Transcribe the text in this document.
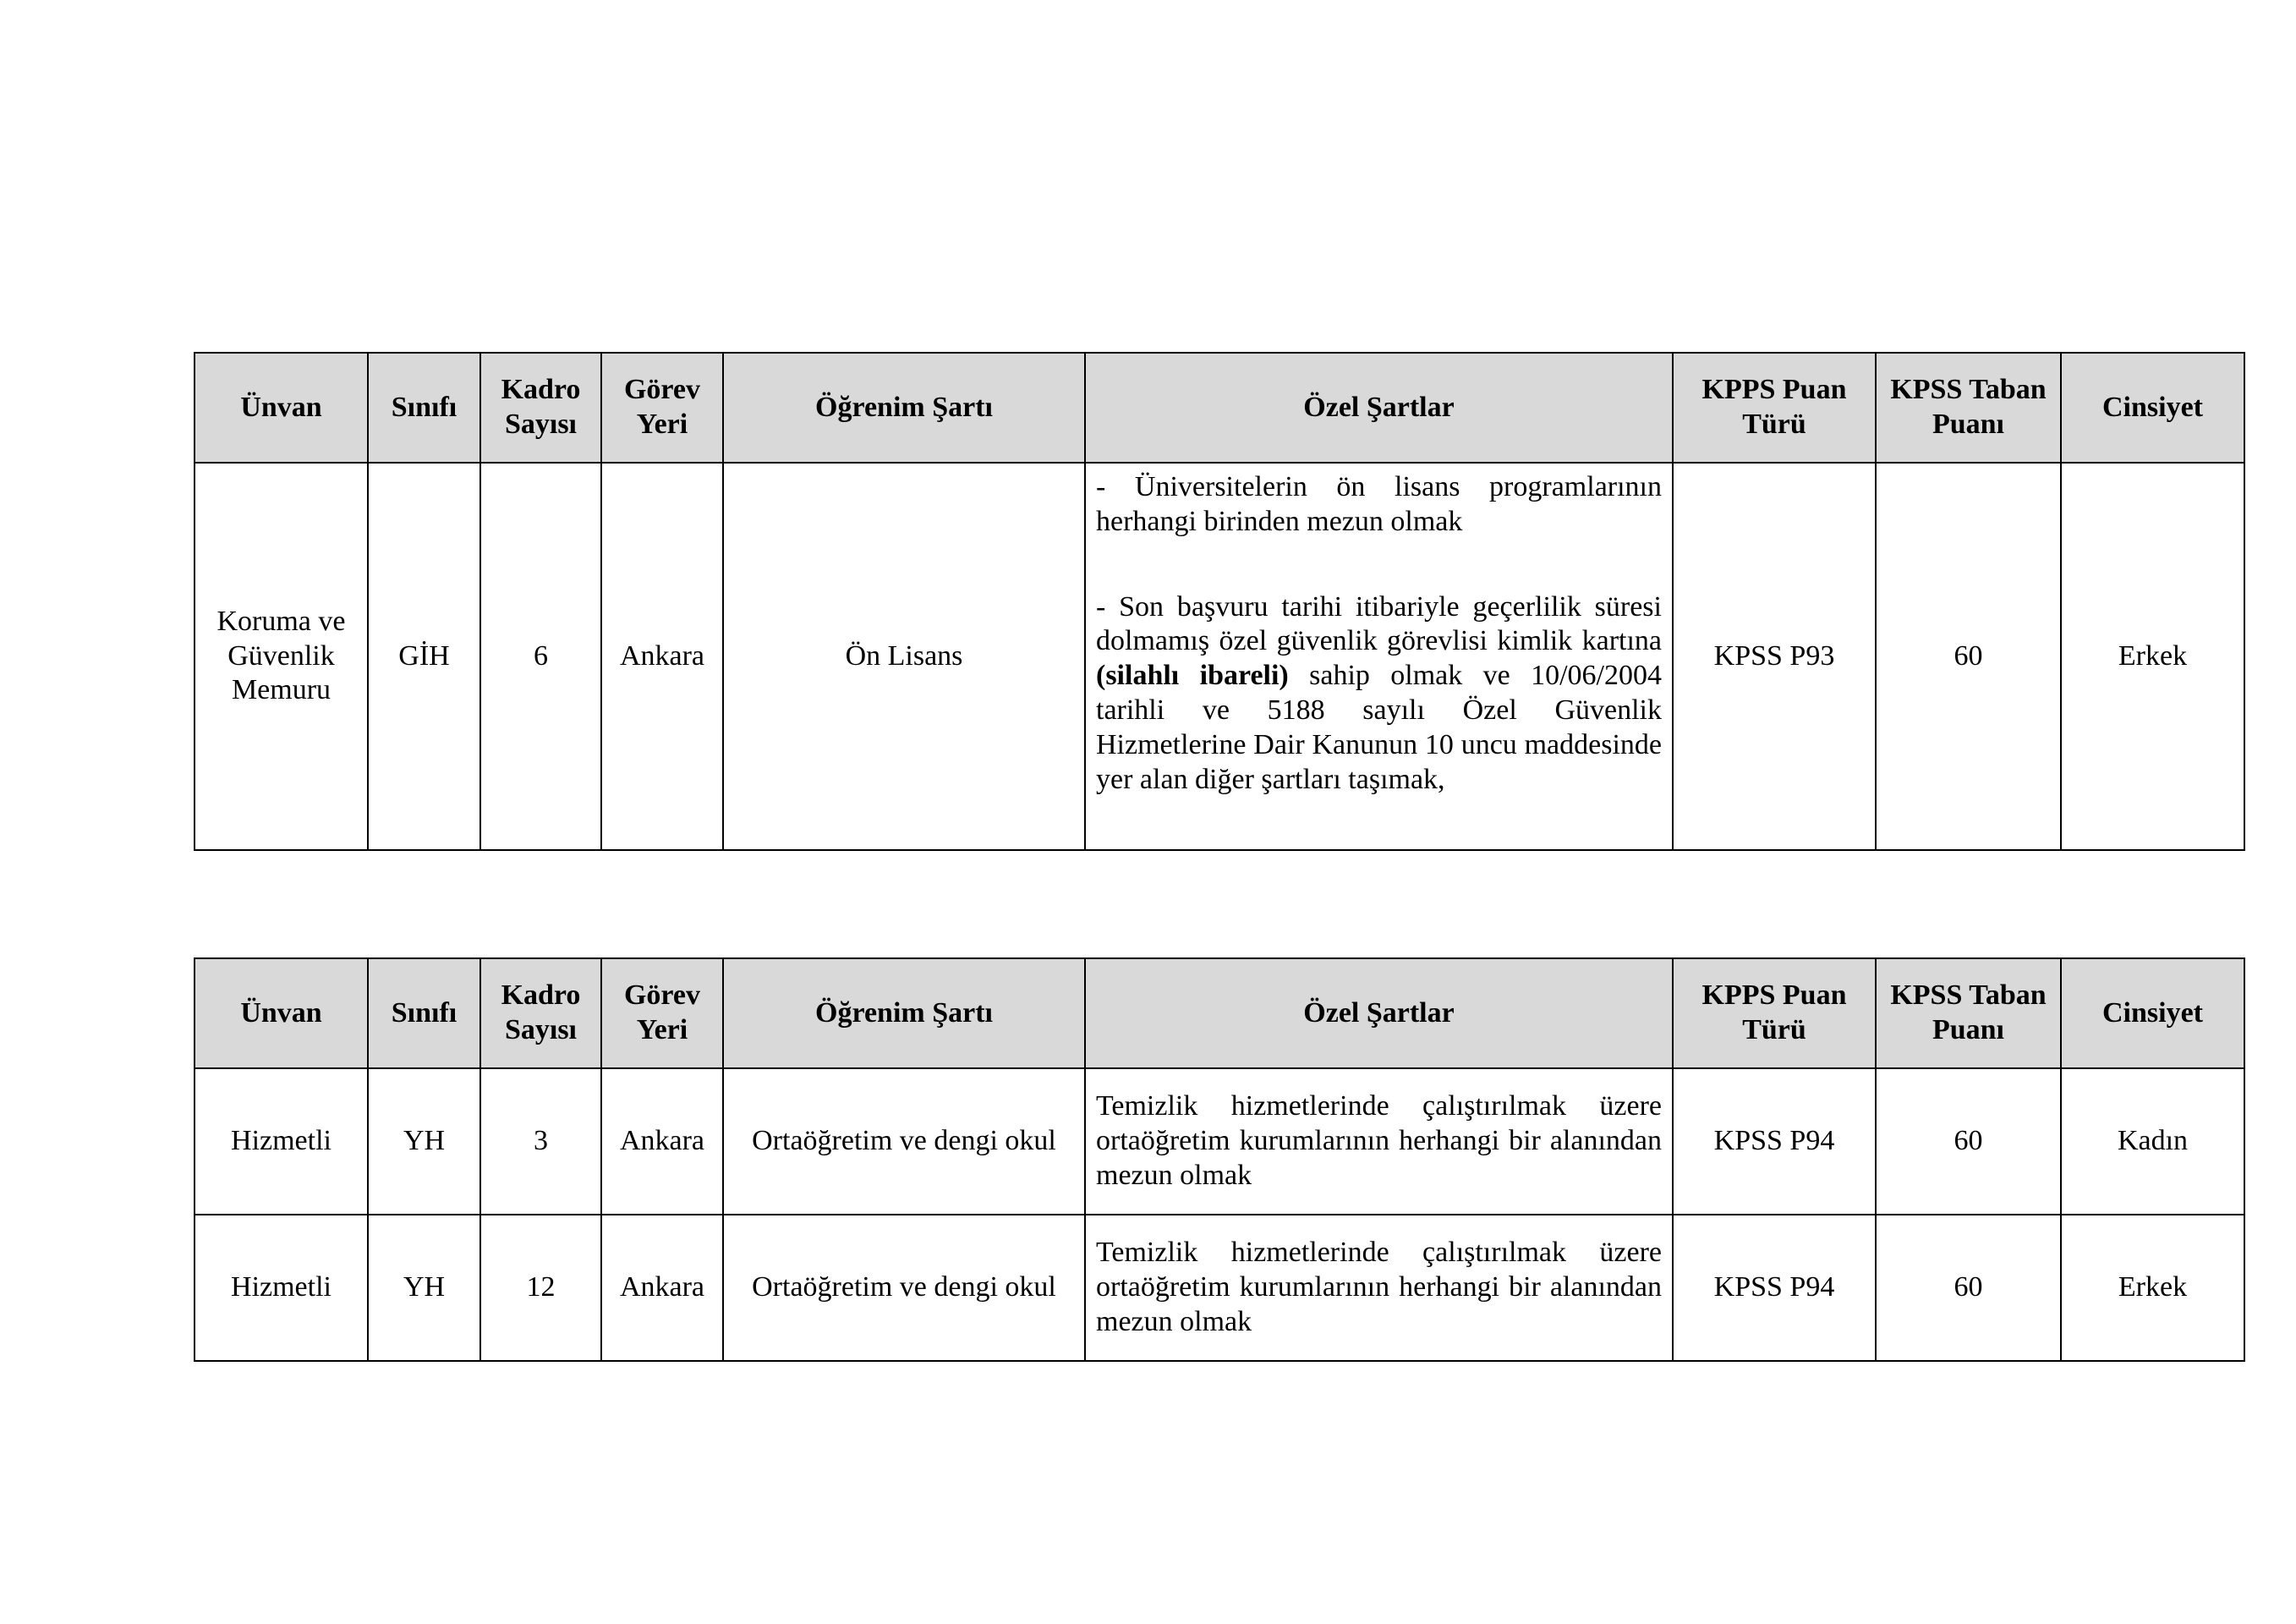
Ünvan	Sınıfı	Kadro Sayısı	Görev Yeri	Öğrenim Şartı	Özel Şartlar	KPPS Puan Türü	KPSS Taban Puanı	Cinsiyet
Koruma ve Güvenlik Memuru	GİH	6	Ankara	Ön Lisans	- Üniversitelerin ön lisans programlarının herhangi birinden mezun olmak
- Son başvuru tarihi itibariyle geçerlilik süresi dolmamış özel güvenlik görevlisi kimlik kartına (silahlı ibareli) sahip olmak ve 10/06/2004 tarihli ve 5188 sayılı Özel Güvenlik Hizmetlerine Dair Kanunun 10 uncu maddesinde yer alan diğer şartları taşımak,	KPSS P93	60	Erkek
Ünvan	Sınıfı	Kadro Sayısı	Görev Yeri	Öğrenim Şartı	Özel Şartlar	KPPS Puan Türü	KPSS Taban Puanı	Cinsiyet
Hizmetli	YH	3	Ankara	Ortaöğretim ve dengi okul	Temizlik hizmetlerinde çalıştırılmak üzere ortaöğretim kurumlarının herhangi bir alanından mezun olmak	KPSS P94	60	Kadın
Hizmetli	YH	12	Ankara	Ortaöğretim ve dengi okul	Temizlik hizmetlerinde çalıştırılmak üzere ortaöğretim kurumlarının herhangi bir alanından mezun olmak	KPSS P94	60	Erkek
